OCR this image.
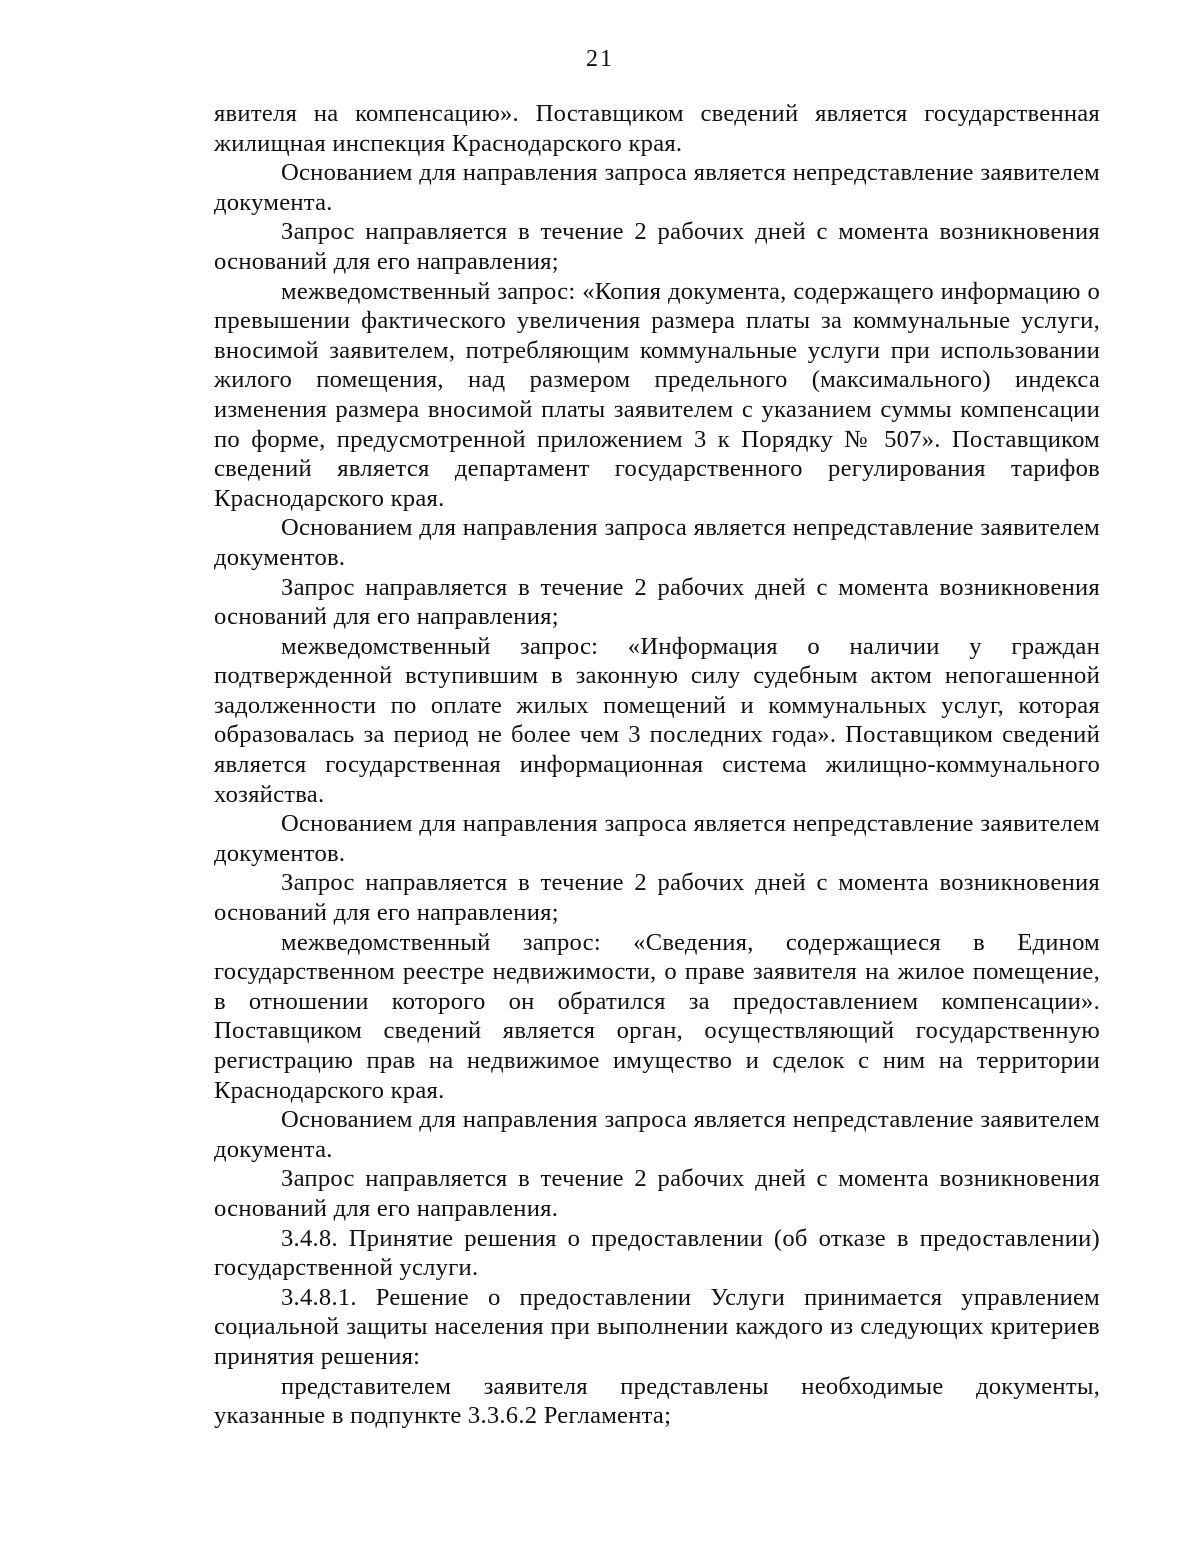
21

явителя на компенсацию». Поставщиком сведений является государственная жилищная инспекция Краснодарского края.

Основанием для направления запроса является непредставление заявителем документа.

Запрос направляется в течение 2 рабочих дней с момента возникновения оснований для его направления;

межведомственный запрос: «Копия документа, содержащего информацию о превышении фактического увеличения размера платы за коммунальные услуги, вносимой заявителем, потребляющим коммунальные услуги при использовании жилого помещения, над размером предельного (максимального) индекса изменения размера вносимой платы заявителем с указанием суммы компенсации по форме, предусмотренной приложением 3 к Порядку № 507». Поставщиком сведений является департамент государственного регулирования тарифов Краснодарского края.

Основанием для направления запроса является непредставление заявителем документов.

Запрос направляется в течение 2 рабочих дней с момента возникновения оснований для его направления;

межведомственный запрос: «Информация о наличии у граждан подтвержденной вступившим в законную силу судебным актом непогашенной задолженности по оплате жилых помещений и коммунальных услуг, которая образовалась за период не более чем 3 последних года». Поставщиком сведений является государственная информационная система жилищно-коммунального хозяйства.

Основанием для направления запроса является непредставление заявителем документов.

Запрос направляется в течение 2 рабочих дней с момента возникновения оснований для его направления;

межведомственный запрос: «Сведения, содержащиеся в Едином государственном реестре недвижимости, о праве заявителя на жилое помещение, в отношении которого он обратился за предоставлением компенсации». Поставщиком сведений является орган, осуществляющий государственную регистрацию прав на недвижимое имущество и сделок с ним на территории Краснодарского края.

Основанием для направления запроса является непредставление заявителем документа.

Запрос направляется в течение 2 рабочих дней с момента возникновения оснований для его направления.

3.4.8. Принятие решения о предоставлении (об отказе в предоставлении) государственной услуги.

3.4.8.1. Решение о предоставлении Услуги принимается управлением социальной защиты населения при выполнении каждого из следующих критериев принятия решения:

представителем заявителя представлены необходимые документы, указанные в подпункте 3.3.6.2 Регламента;
